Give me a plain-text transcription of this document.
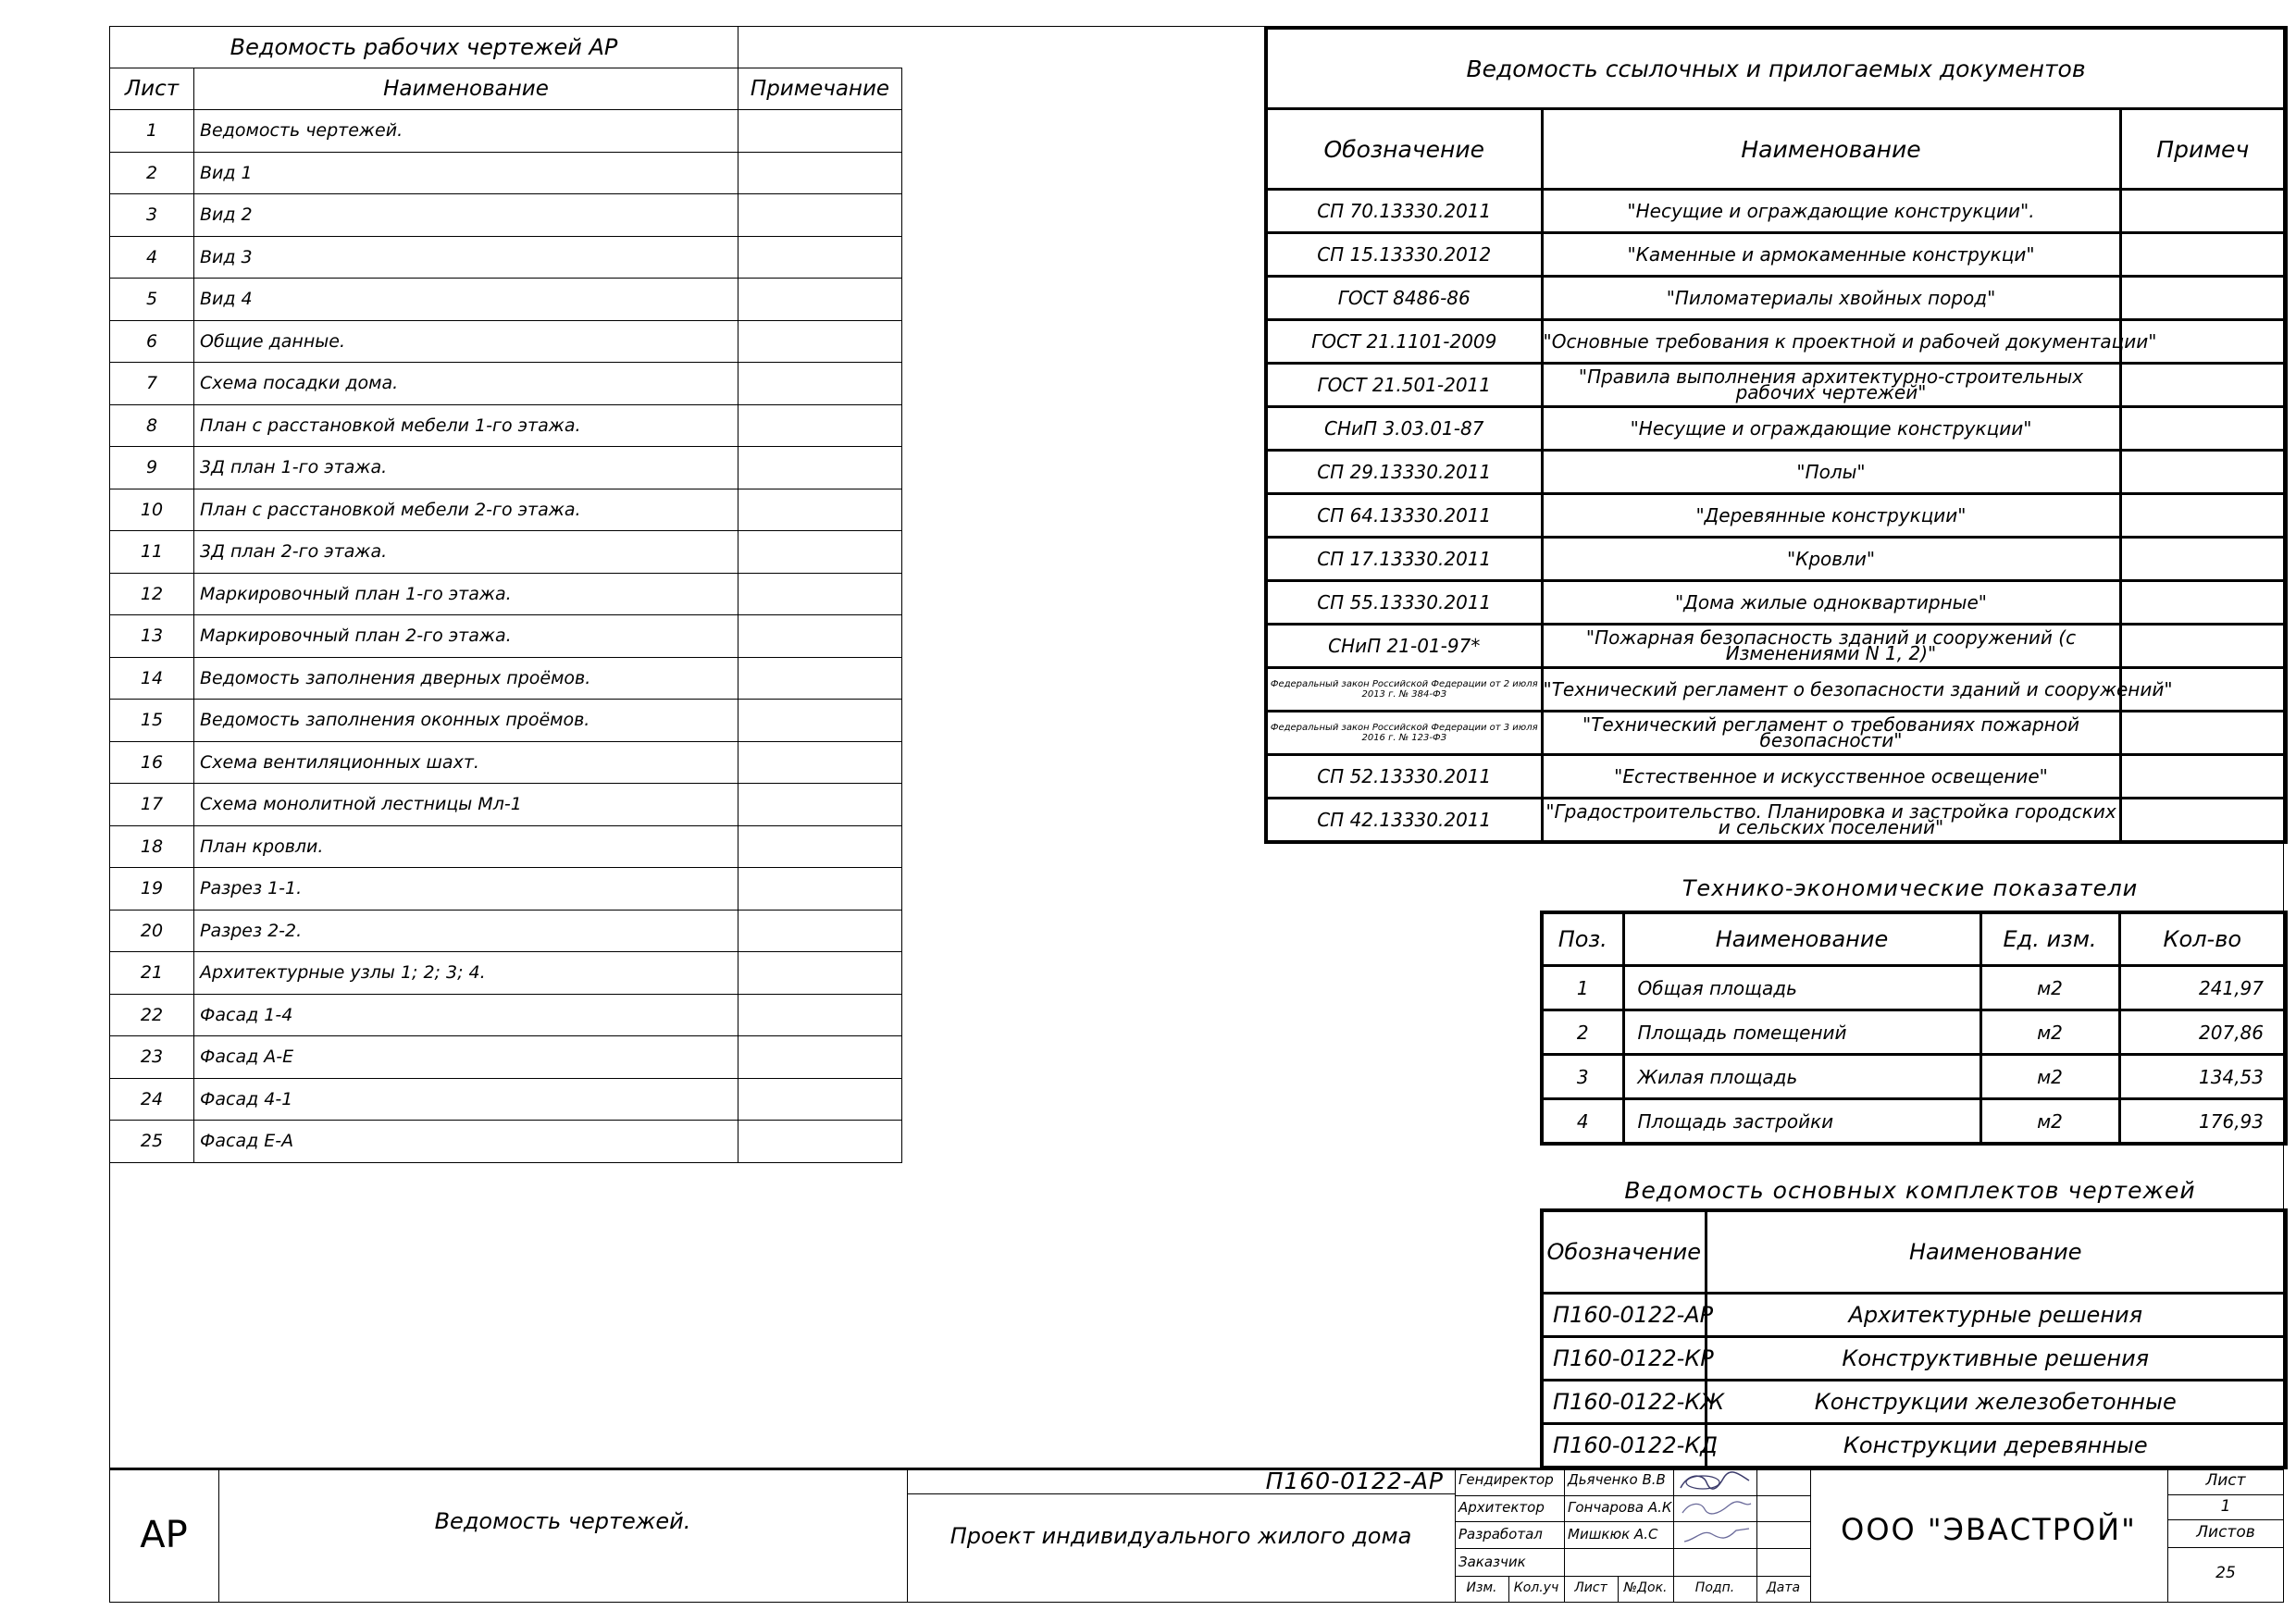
Ведомость рабочих чертежей АР		
Лист	Наименование	Примечание
1	Ведомость чертежей.	
2	Вид 1	
3	Вид 2	
4	Вид 3	
5	Вид 4	
6	Общие данные.	
7	Схема посадки дома.	
8	План с расстановкой мебели 1-го этажа.	
9	3Д план 1-го этажа.	
10	План с расстановкой мебели 2-го этажа.	
11	3Д план 2-го этажа.	
12	Маркировочный план 1-го этажа.	
13	Маркировочный план 2-го этажа.	
14	Ведомость заполнения дверных проёмов.	
15	Ведомость заполнения оконных проёмов.	
16	Схема вентиляционных шахт.	
17	Схема монолитной лестницы Мл-1	
18	План кровли.	
19	Разрез 1-1.	
20	Разрез 2-2.	
21	Архитектурные узлы 1; 2; 3; 4.	
22	Фасад 1-4	
23	Фасад А-Е	
24	Фасад 4-1	
25	Фасад Е-А	
Ведомость ссылочных и прилогаемых документов		
Обозначение	Наименование	Примеч
СП 70.13330.2011	"Несущие и ограждающие конструкции".	
СП 15.13330.2012	"Каменные и армокаменные конструкци"	
ГОСТ 8486-86	"Пиломатериалы хвойных пород"	
ГОСТ 21.1101-2009	"Основные требования к проектной и рабочей документации"	
ГОСТ 21.501-2011	"Правила выполнения архитектурно-строительных рабочих чертежей"	
СНиП 3.03.01-87	"Несущие и ограждающие конструкции"	
СП 29.13330.2011	"Полы"	
СП 64.13330.2011	"Деревянные конструкции"	
СП 17.13330.2011	"Кровли"	
СП 55.13330.2011	"Дома жилые одноквартирные"	
СНиП 21-01-97*	"Пожарная безопасность зданий и сооружений (с Изменениями N 1, 2)"	
Федеральный закон Российской Федерации от 2 июля 2013 г. № 384-ФЗ	"Технический регламент о безопасности зданий и сооружений"	
Федеральный закон Российской Федерации от 3 июля 2016 г. № 123-ФЗ	"Технический регламент о требованиях пожарной безопасности"	
СП 52.13330.2011	"Естественное и искусственное освещение"	
СП 42.13330.2011	"Градостроительство. Планировка и застройка городских и сельских поселений"	
Технико-экономические показатели
Поз.	Наименование	Ед. изм.	Кол-во
1	Общая площадь	м2	241,97
2	Площадь помещений	м2	207,86
3	Жилая площадь	м2	134,53
4	Площадь застройки	м2	176,93
Ведомость основных комплектов чертежей
Обозначение	Наименование
П160-0122-АР	Архитектурные решения
П160-0122-КР	Конструктивные решения
П160-0122-КЖ	Конструкции железобетонные
П160-0122-КД	Конструкции деревянные
АР	Ведомость чертежей.
П160-0122-АР
Проект индивидуального жилого дома	ООО "ЭВАСТРОЙ"
Гендиректор Дьяченко В.В
Архитектор Гончарова А.К
Разработал Мишкюк А.С
Заказчик
Изм.	Кол.уч	Лист	№Док.	Подп.	Дата
Лист
1
Листов
25
